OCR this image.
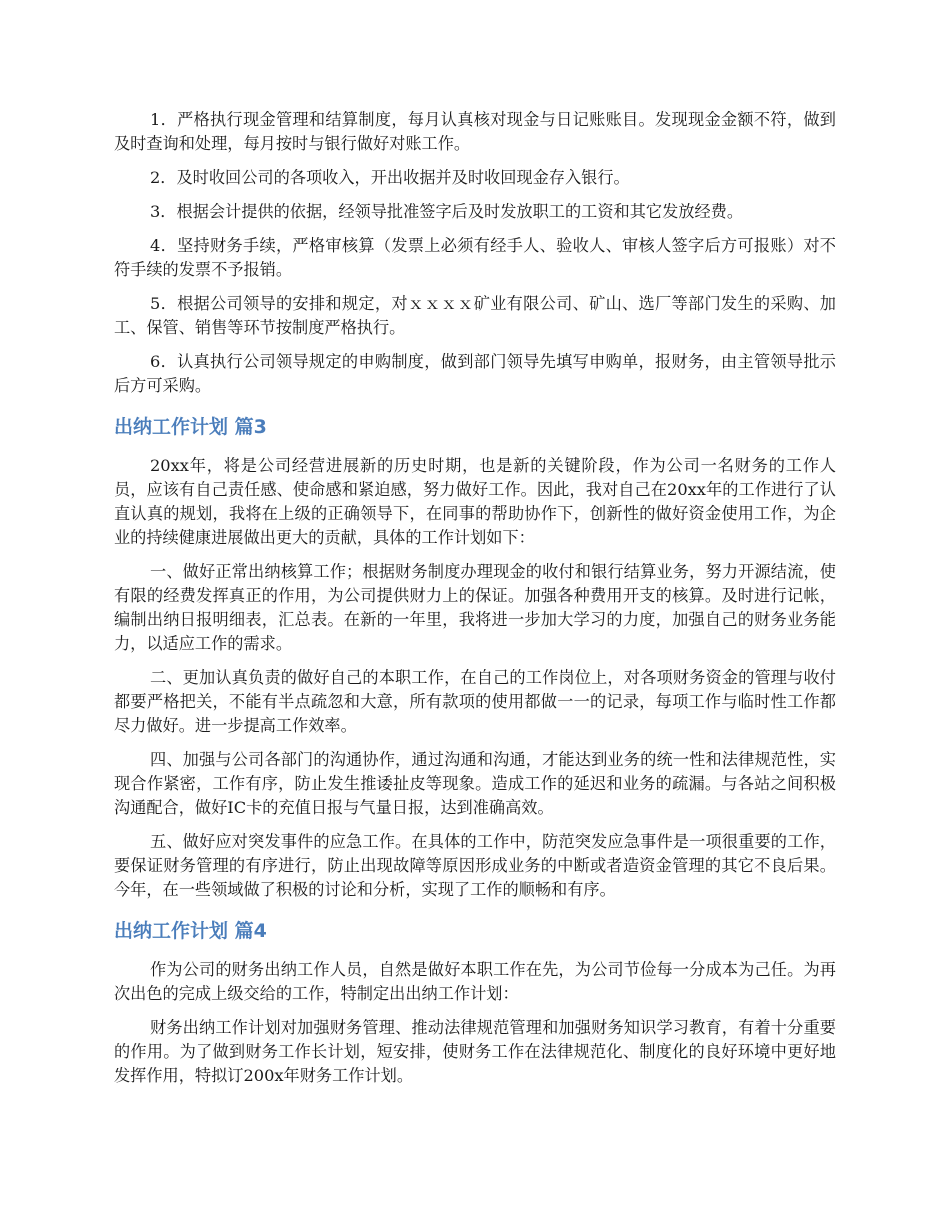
1．严格执行现金管理和结算制度，每月认真核对现金与日记账账目。发现现金金额不符，做到及时查询和处理，每月按时与银行做好对账工作。

2．及时收回公司的各项收入，开出收据并及时收回现金存入银行。

3．根据会计提供的依据，经领导批准签字后及时发放职工的工资和其它发放经费。

4．坚持财务手续，严格审核算（发票上必须有经手人、验收人、审核人签字后方可报账）对不符手续的发票不予报销。

5．根据公司领导的安排和规定，对ｘｘｘｘ矿业有限公司、矿山、选厂等部门发生的采购、加工、保管、销售等环节按制度严格执行。

6．认真执行公司领导规定的申购制度，做到部门领导先填写申购单，报财务，由主管领导批示后方可采购。

出纳工作计划 篇3

20xx年，将是公司经营进展新的历史时期，也是新的关键阶段，作为公司一名财务的工作人员，应该有自己责任感、使命感和紧迫感，努力做好工作。因此，我对自己在20xx年的工作进行了认直认真的规划，我将在上级的正确领导下，在同事的帮助协作下，创新性的做好资金使用工作，为企业的持续健康进展做出更大的贡献，具体的工作计划如下：

一、做好正常出纳核算工作；根据财务制度办理现金的收付和银行结算业务，努力开源结流，使有限的经费发挥真正的作用，为公司提供财力上的保证。加强各种费用开支的核算。及时进行记帐，编制出纳日报明细表，汇总表。在新的一年里，我将进一步加大学习的力度，加强自己的财务业务能力，以适应工作的需求。

二、更加认真负责的做好自己的本职工作，在自己的工作岗位上，对各项财务资金的管理与收付都要严格把关，不能有半点疏忽和大意，所有款项的使用都做一一的记录，每项工作与临时性工作都尽力做好。进一步提高工作效率。

四、加强与公司各部门的沟通协作，通过沟通和沟通，才能达到业务的统一性和法律规范性，实现合作紧密，工作有序，防止发生推诿扯皮等现象。造成工作的延迟和业务的疏漏。与各站之间积极沟通配合，做好IC卡的充值日报与气量日报，达到准确高效。

五、做好应对突发事件的应急工作。在具体的工作中，防范突发应急事件是一项很重要的工作，要保证财务管理的有序进行，防止出现故障等原因形成业务的中断或者造资金管理的其它不良后果。今年，在一些领域做了积极的讨论和分析，实现了工作的顺畅和有序。

出纳工作计划 篇4

作为公司的财务出纳工作人员，自然是做好本职工作在先，为公司节俭每一分成本为己任。为再次出色的完成上级交给的工作，特制定出出纳工作计划：

财务出纳工作计划对加强财务管理、推动法律规范管理和加强财务知识学习教育，有着十分重要的作用。为了做到财务工作长计划，短安排，使财务工作在法律规范化、制度化的良好环境中更好地发挥作用，特拟订200x年财务工作计划。
